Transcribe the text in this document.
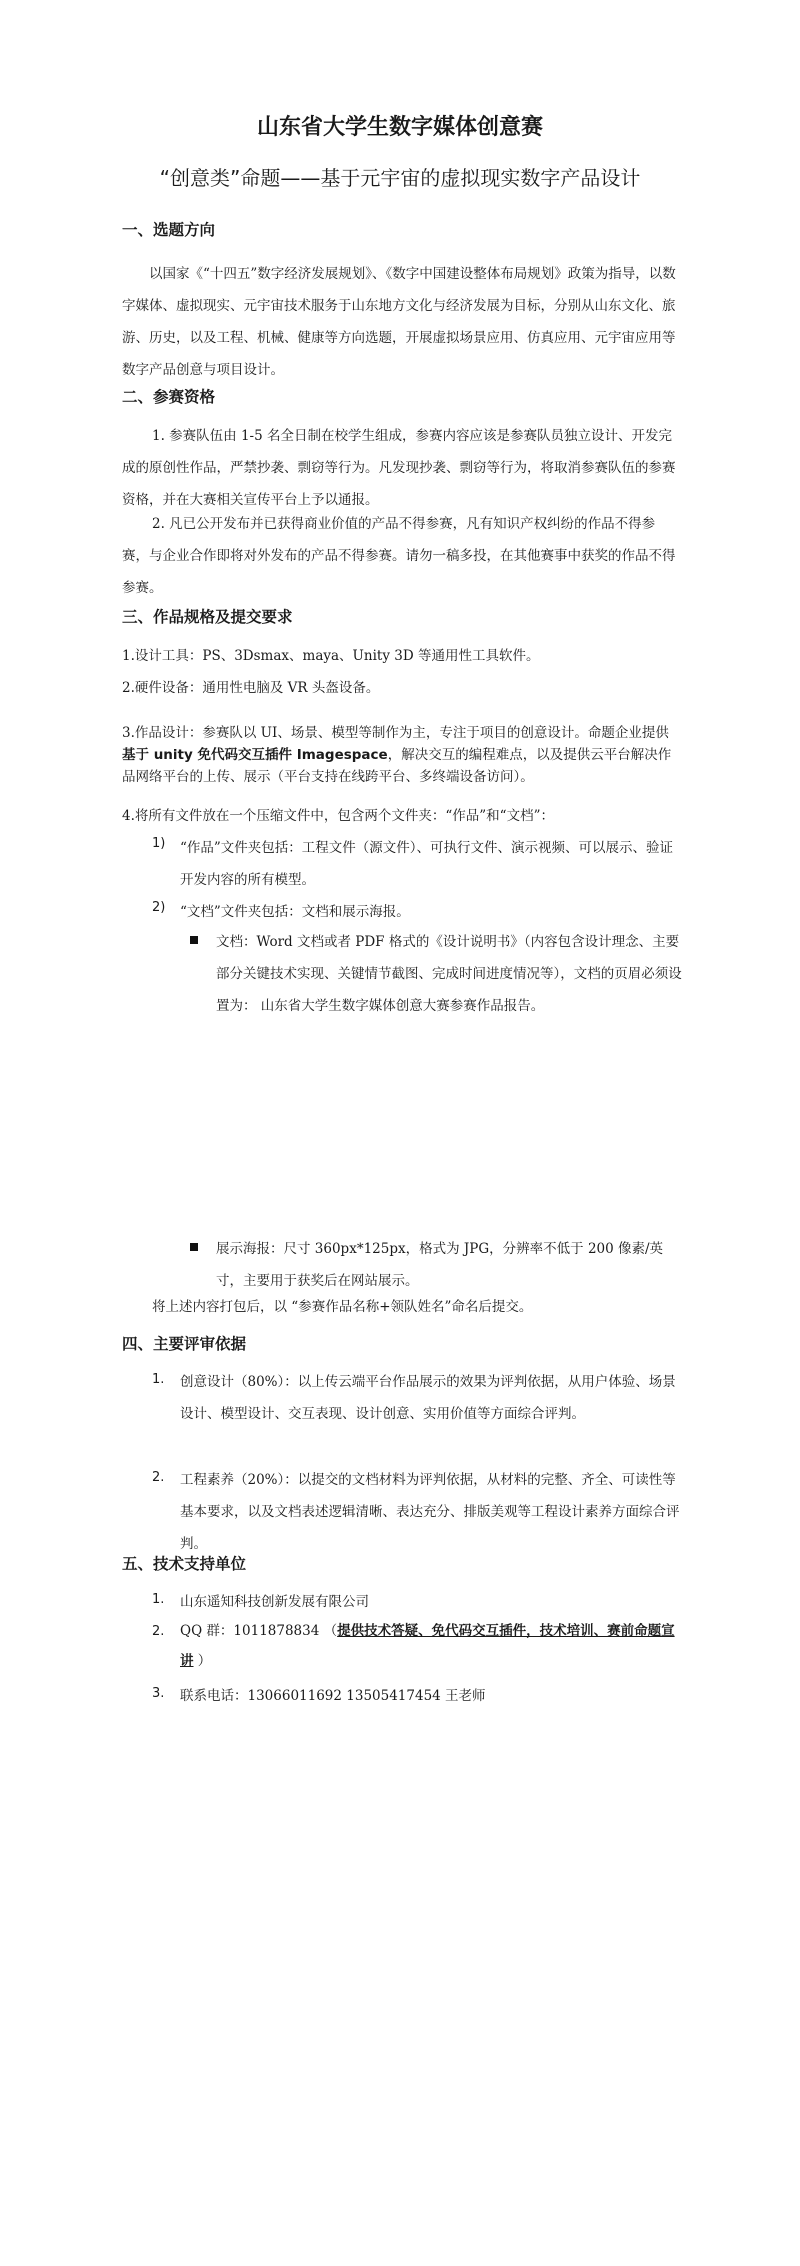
山东省大学生数字媒体创意赛
“创意类”命题——基于元宇宙的虚拟现实数字产品设计
一、选题方向
以国家《“十四五”数字经济发展规划》、《数字中国建设整体布局规划》政策为指导，以数字媒体、虚拟现实、元宇宙技术服务于山东地方文化与经济发展为目标，分别从山东文化、旅游、历史，以及工程、机械、健康等方向选题，开展虚拟场景应用、仿真应用、元宇宙应用等数字产品创意与项目设计。
二、参赛资格
1. 参赛队伍由 1-5 名全日制在校学生组成，参赛内容应该是参赛队员独立设计、开发完成的原创性作品，严禁抄袭、剽窃等行为。凡发现抄袭、剽窃等行为，将取消参赛队伍的参赛资格，并在大赛相关宣传平台上予以通报。
2. 凡已公开发布并已获得商业价值的产品不得参赛，凡有知识产权纠纷的作品不得参赛，与企业合作即将对外发布的产品不得参赛。请勿一稿多投，在其他赛事中获奖的作品不得参赛。
三、作品规格及提交要求
1.设计工具：PS、3Dsmax、maya、Unity 3D 等通用性工具软件。
2.硬件设备：通用性电脑及 VR 头盔设备。
3.作品设计：参赛队以 UI、场景、模型等制作为主，专注于项目的创意设计。命题企业提供基于 unity 免代码交互插件 Imagespace，解决交互的编程难点，以及提供云平台解决作品网络平台的上传、展示（平台支持在线跨平台、多终端设备访问）。
4.将所有文件放在一个压缩文件中，包含两个文件夹：“作品”和“文档”：
1) “作品”文件夹包括：工程文件（源文件）、可执行文件、演示视频、可以展示、验证开发内容的所有模型。
2) “文档”文件夹包括：文档和展示海报。
文档：Word 文档或者 PDF 格式的《设计说明书》（内容包含设计理念、主要部分关键技术实现、关键情节截图、完成时间进度情况等），文档的页眉必须设置为： 山东省大学生数字媒体创意大赛参赛作品报告。
展示海报：尺寸 360px*125px，格式为 JPG，分辨率不低于 200 像素/英寸，主要用于获奖后在网站展示。
将上述内容打包后，以 “参赛作品名称+领队姓名”命名后提交。
四、主要评审依据
1. 创意设计（80%）：以上传云端平台作品展示的效果为评判依据，从用户体验、场景设计、模型设计、交互表现、设计创意、实用价值等方面综合评判。
2. 工程素养（20%）：以提交的文档材料为评判依据，从材料的完整、齐全、可读性等基本要求，以及文档表述逻辑清晰、表达充分、排版美观等工程设计素养方面综合评判。
五、技术支持单位
1. 山东遥知科技创新发展有限公司
2. QQ 群：1011878834 （提供技术答疑、免代码交互插件，技术培训、赛前命题宣讲 ）
3. 联系电话：13066011692 13505417454 王老师
